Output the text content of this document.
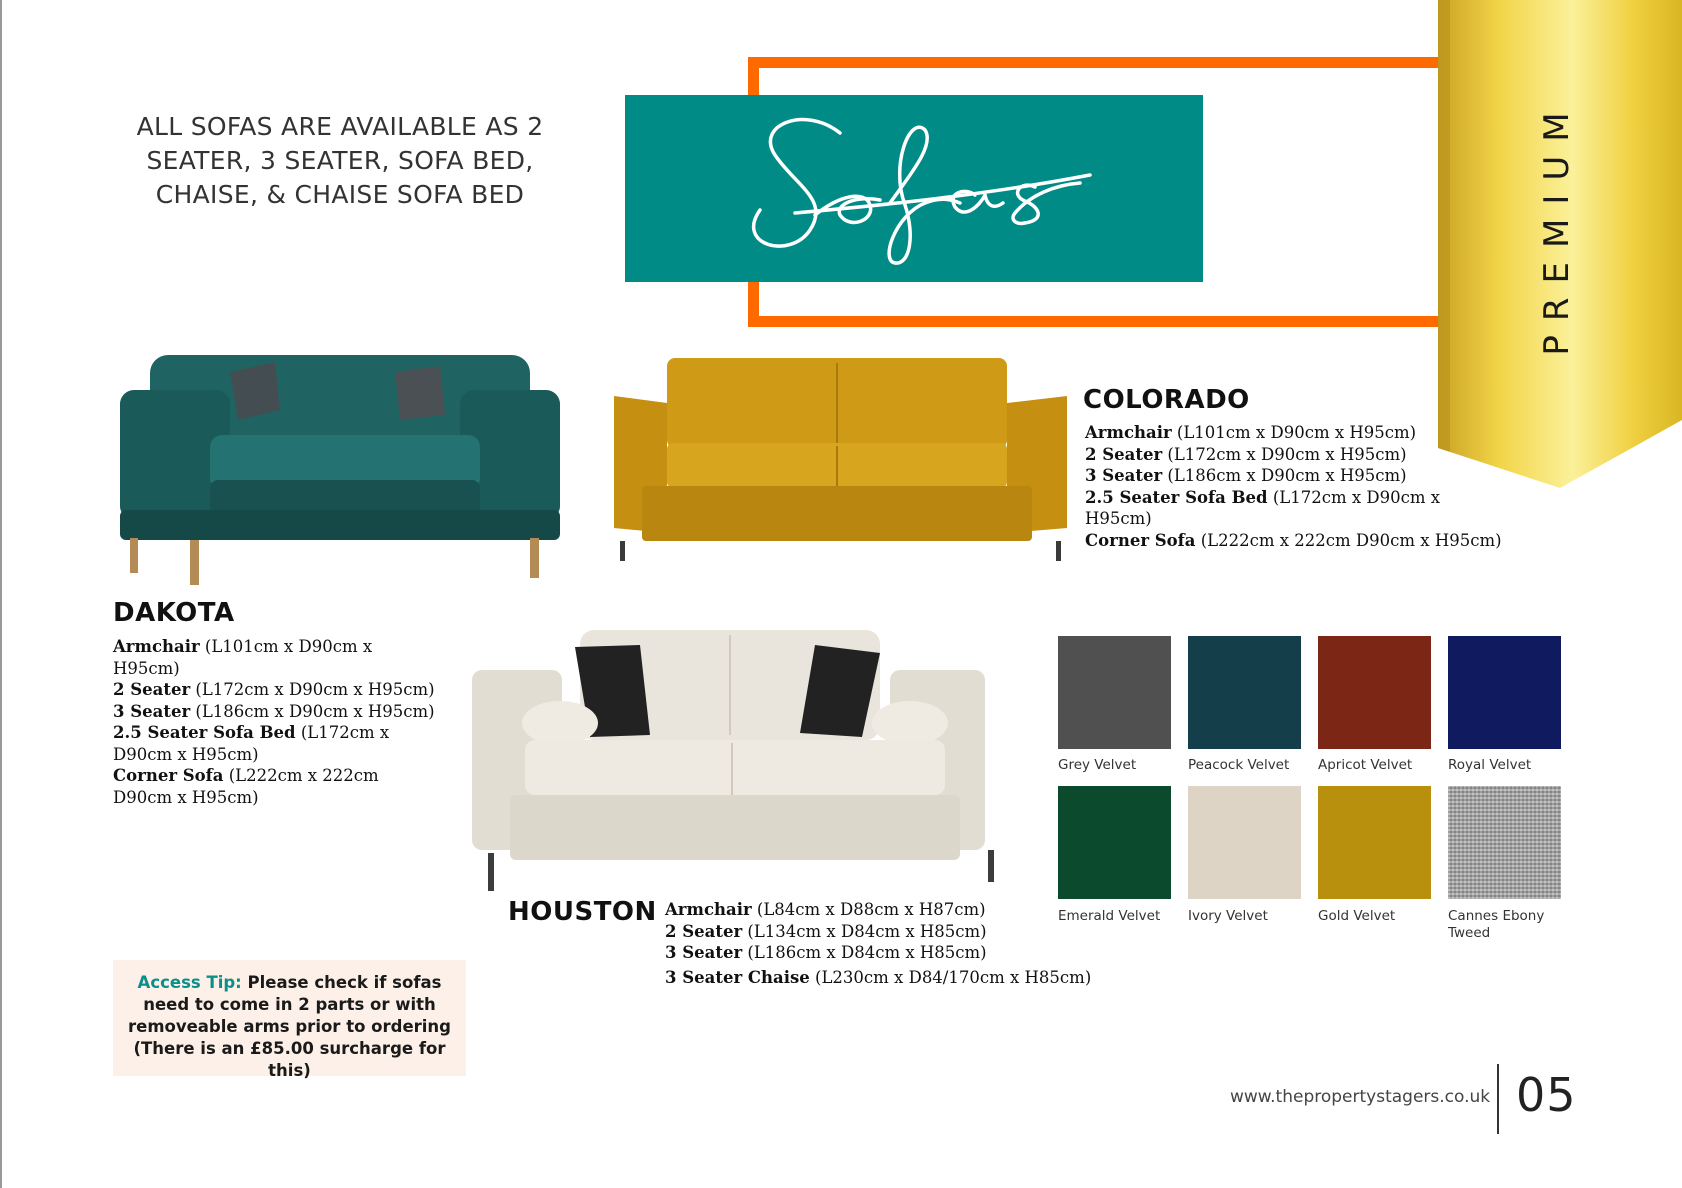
ALL SOFAS ARE AVAILABLE AS 2 SEATER, 3 SEATER, SOFA BED, CHAISE, & CHAISE SOFA BED	PREMIUM
COLORADO
Armchair (L101cm x D90cm x H95cm)
2 Seater (L172cm x D90cm x H95cm)
3 Seater (L186cm x D90cm x H95cm)
2.5 Seater Sofa Bed (L172cm x D90cm x H95cm)
Corner Sofa (L222cm x 222cm D90cm x H95cm)
DAKOTA
Armchair (L101cm x D90cm x H95cm)
2 Seater (L172cm x D90cm x H95cm)
3 Seater (L186cm x D90cm x H95cm)
2.5 Seater Sofa Bed (L172cm x D90cm x H95cm)
Corner Sofa (L222cm x 222cm D90cm x H95cm)
HOUSTON Armchair (L84cm x D88cm x H87cm)
2 Seater (L134cm x D84cm x H85cm)
3 Seater (L186cm x D84cm x H85cm)
3 Seater Chaise (L230cm x D84/170cm x H85cm)
Grey Velvet	Peacock Velvet	Apricot Velvet	Royal Velvet
Emerald Velvet	Ivory Velvet	Gold Velvet	Cannes Ebony Tweed
Access Tip: Please check if sofas need to come in 2 parts or with removeable arms prior to ordering
(There is an £85.00 surcharge for this)
www.thepropertystagers.co.uk 05
